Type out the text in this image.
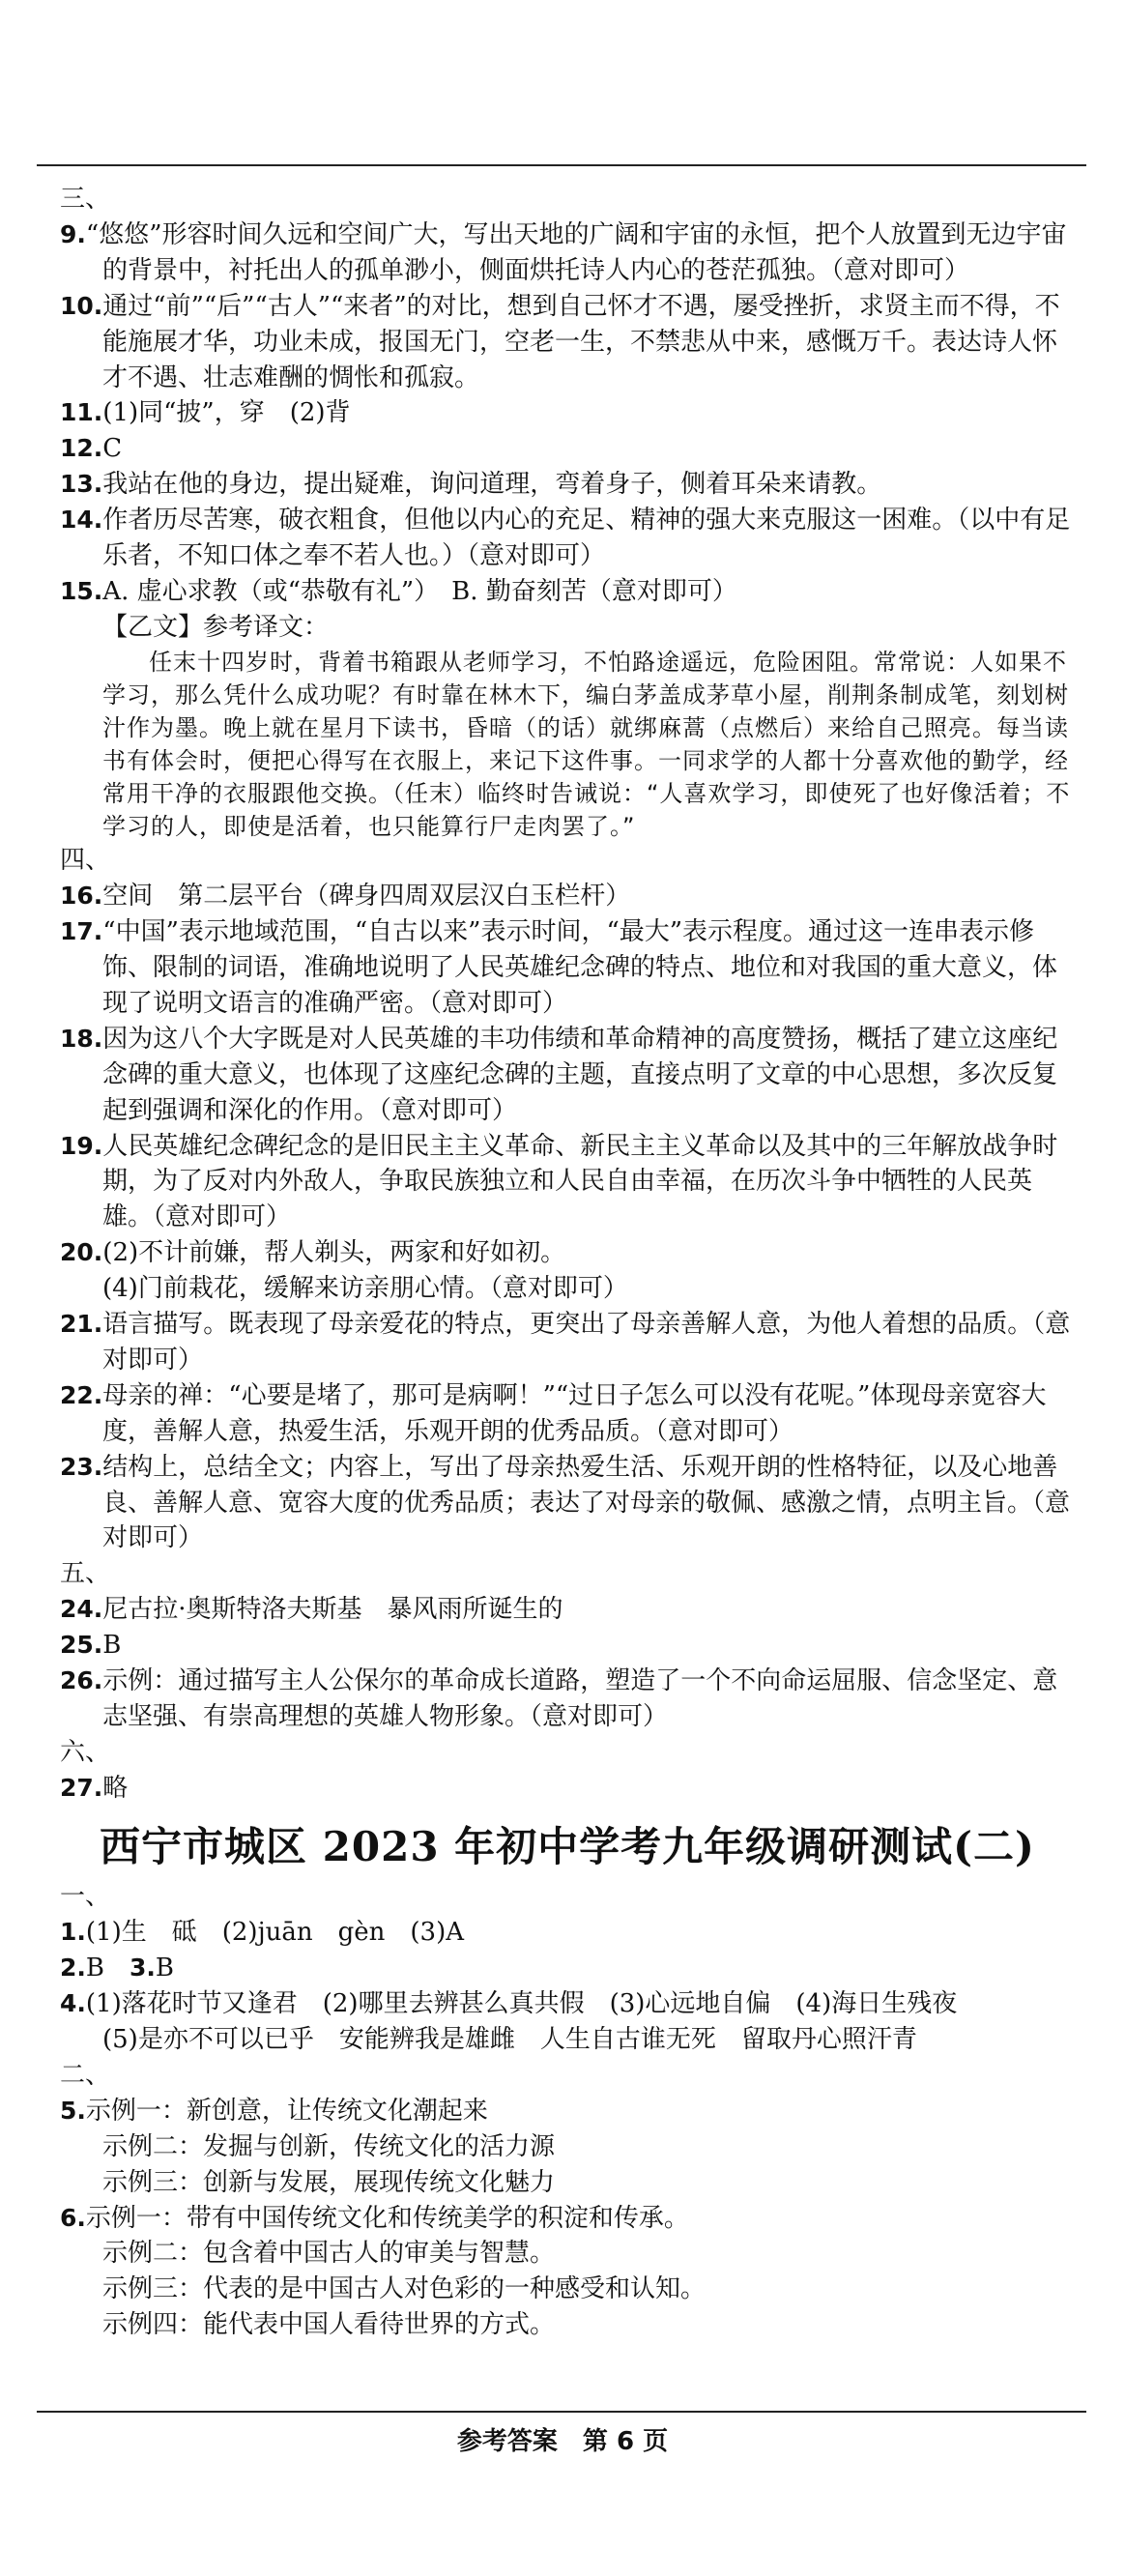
三、

9.“悠悠”形容时间久远和空间广大，写出天地的广阔和宇宙的永恒，把个人放置到无边宇宙的背景中，衬托出人的孤单渺小，侧面烘托诗人内心的苍茫孤独。（意对即可）

10.通过“前”“后”“古人”“来者”的对比，想到自己怀才不遇，屡受挫折，求贤主而不得，不能施展才华，功业未成，报国无门，空老一生，不禁悲从中来，感慨万千。表达诗人怀才不遇、壮志难酬的惆怅和孤寂。

11.(1)同“披”，穿　(2)背

12.C

13.我站在他的身边，提出疑难，询问道理，弯着身子，侧着耳朵来请教。

14.作者历尽苦寒，破衣粗食，但他以内心的充足、精神的强大来克服这一困难。（以中有足乐者，不知口体之奉不若人也。）（意对即可）

15.A. 虚心求教（或“恭敬有礼”）　B. 勤奋刻苦（意对即可）

【乙文】参考译文：

任末十四岁时，背着书箱跟从老师学习，不怕路途遥远，危险困阻。常常说：人如果不学习，那么凭什么成功呢？有时靠在林木下，编白茅盖成茅草小屋，削荆条制成笔，刻划树汁作为墨。晚上就在星月下读书，昏暗（的话）就绑麻蒿（点燃后）来给自己照亮。每当读书有体会时，便把心得写在衣服上，来记下这件事。一同求学的人都十分喜欢他的勤学，经常用干净的衣服跟他交换。（任末）临终时告诫说：“人喜欢学习，即使死了也好像活着；不学习的人，即使是活着，也只能算行尸走肉罢了。”

四、

16.空间　第二层平台（碑身四周双层汉白玉栏杆）

17.“中国”表示地域范围，“自古以来”表示时间，“最大”表示程度。通过这一连串表示修饰、限制的词语，准确地说明了人民英雄纪念碑的特点、地位和对我国的重大意义，体现了说明文语言的准确严密。（意对即可）

18.因为这八个大字既是对人民英雄的丰功伟绩和革命精神的高度赞扬，概括了建立这座纪念碑的重大意义，也体现了这座纪念碑的主题，直接点明了文章的中心思想，多次反复起到强调和深化的作用。（意对即可）

19.人民英雄纪念碑纪念的是旧民主主义革命、新民主主义革命以及其中的三年解放战争时期，为了反对内外敌人，争取民族独立和人民自由幸福，在历次斗争中牺牲的人民英雄。（意对即可）

20.(2)不计前嫌，帮人剃头，两家和好如初。

(4)门前栽花，缓解来访亲朋心情。（意对即可）

21.语言描写。既表现了母亲爱花的特点，更突出了母亲善解人意，为他人着想的品质。（意对即可）

22.母亲的禅：“心要是堵了，那可是病啊！”“过日子怎么可以没有花呢。”体现母亲宽容大度，善解人意，热爱生活，乐观开朗的优秀品质。（意对即可）

23.结构上，总结全文；内容上，写出了母亲热爱生活、乐观开朗的性格特征，以及心地善良、善解人意、宽容大度的优秀品质；表达了对母亲的敬佩、感激之情，点明主旨。（意对即可）

五、

24.尼古拉·奥斯特洛夫斯基　暴风雨所诞生的

25.B

26.示例：通过描写主人公保尔的革命成长道路，塑造了一个不向命运屈服、信念坚定、意志坚强、有崇高理想的英雄人物形象。（意对即可）

六、

27.略

西宁市城区 2023 年初中学考九年级调研测试(二)

一、

1.(1)生　砥　(2)juān　gèn　(3)A

2.B　3.B

4.(1)落花时节又逢君　(2)哪里去辨甚么真共假　(3)心远地自偏　(4)海日生残夜

(5)是亦不可以已乎　安能辨我是雄雌　人生自古谁无死　留取丹心照汗青

二、

5.示例一：新创意，让传统文化潮起来

示例二：发掘与创新，传统文化的活力源

示例三：创新与发展，展现传统文化魅力

6.示例一：带有中国传统文化和传统美学的积淀和传承。

示例二：包含着中国古人的审美与智慧。

示例三：代表的是中国古人对色彩的一种感受和认知。

示例四：能代表中国人看待世界的方式。

参考答案　第 6 页
